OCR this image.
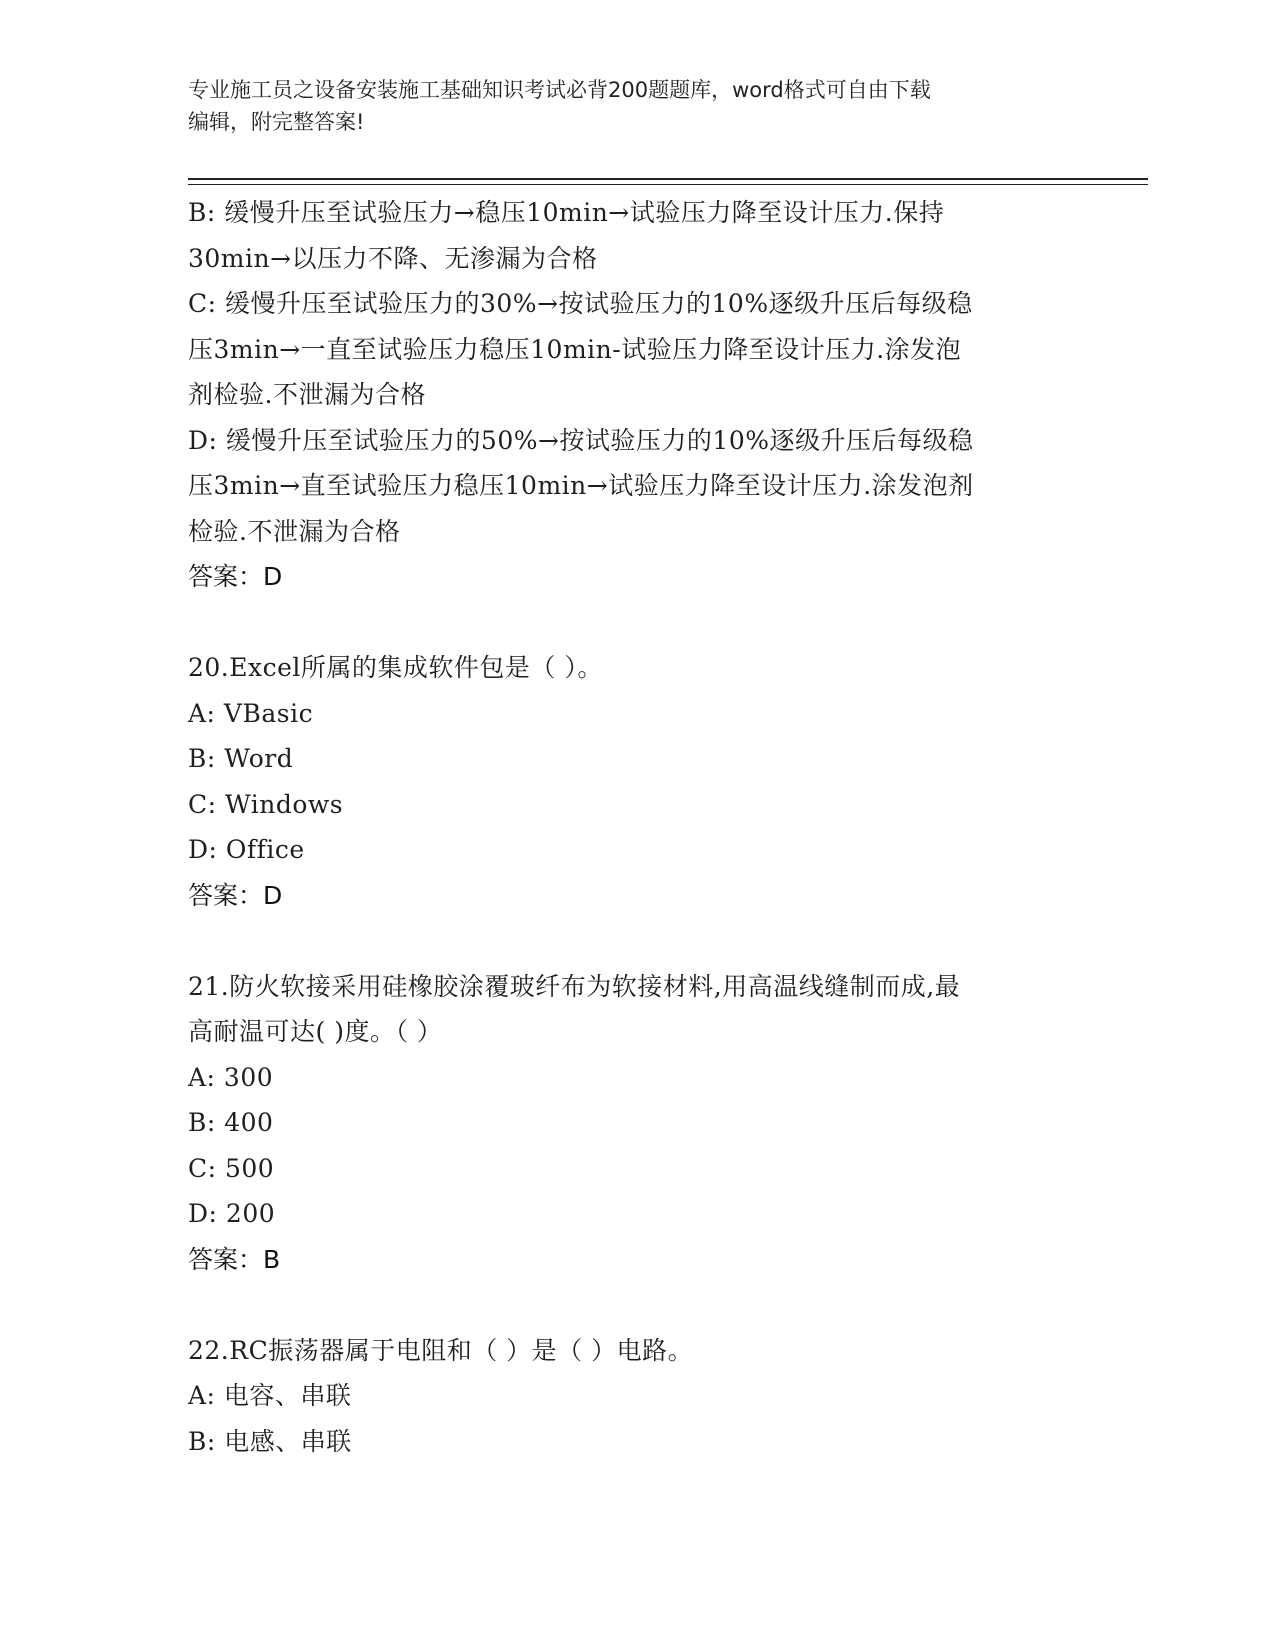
专业施工员之设备安装施工基础知识考试必背200题题库，word格式可自由下载
编辑，附完整答案!
B: 缓慢升压至试验压力→稳压10min→试验压力降至设计压力.保持
30min→以压力不降、无渗漏为合格
C: 缓慢升压至试验压力的30%→按试验压力的10%逐级升压后每级稳
压3min→一直至试验压力稳压10min-试验压力降至设计压力.涂发泡
剂检验.不泄漏为合格
D: 缓慢升压至试验压力的50%→按试验压力的10%逐级升压后每级稳
压3min→直至试验压力稳压10min→试验压力降至设计压力.涂发泡剂
检验.不泄漏为合格
答案：D
20.Excel所属的集成软件包是（ ）。
A: VBasic
B: Word
C: Windows
D: Office
答案：D
21.防火软接采用硅橡胶涂覆玻纤布为软接材料,用高温线缝制而成,最
高耐温可达( )度。（ ）
A: 300
B: 400
C: 500
D: 200
答案：B
22.RC振荡器属于电阻和（ ）是（ ）电路。
A: 电容、串联
B: 电感、串联
